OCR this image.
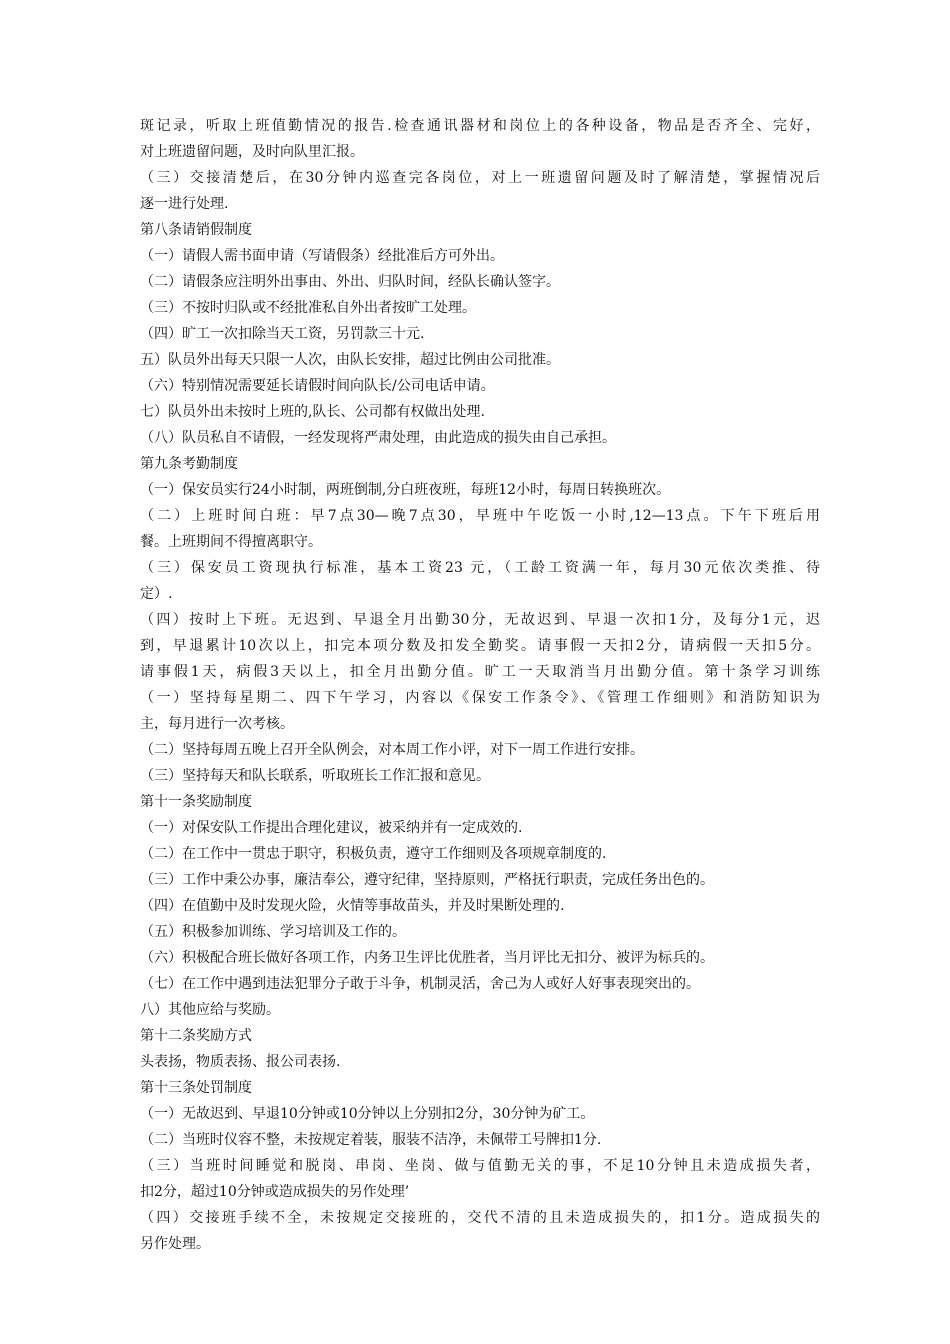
斑记录，听取上班值勤情况的报告.检查通讯器材和岗位上的各种设备，物品是否齐全、完好，
对上班遗留问题，及时向队里汇报。
（三）交接清楚后，在30分钟内巡查完各岗位，对上一班遗留问题及时了解清楚，掌握情况后
逐一进行处理.
第八条请销假制度
（一）请假人需书面申请（写请假条）经批准后方可外出。
（二）请假条应注明外出事由、外出、归队时间，经队长确认签字。
（三）不按时归队或不经批准私自外出者按旷工处理。
（四）旷工一次扣除当天工资，另罚款三十元.
五）队员外出每天只限一人次，由队长安排，超过比例由公司批准。
（六）特别情况需要延长请假时间向队长/公司电话申请。
七）队员外出未按时上班的,队长、公司都有权做出处理.
（八）队员私自不请假，一经发现将严肃处理，由此造成的损失由自己承担。
第九条考勤制度
（一）保安员实行24小时制，两班倒制,分白班夜班，每班12小时，每周日转换班次。
（二）上班时间白班：早7点30—晚7点30，早班中午吃饭一小时,12—13点。下午下班后用
餐。上班期间不得擅离职守。
（三）保安员工资现执行标准，基本工资23 元，（工龄工资满一年，每月30元依次类推、待
定）.
（四）按时上下班。无迟到、早退全月出勤30分，无故迟到、早退一次扣1分，及每分1元，迟
到，早退累计10次以上，扣完本项分数及扣发全勤奖。请事假一天扣2分，请病假一天扣5分。
请事假1天，病假3天以上，扣全月出勤分值。旷工一天取消当月出勤分值。第十条学习训练
（一）坚持每星期二、四下午学习，内容以《保安工作条令》、《管理工作细则》和消防知识为
主，每月进行一次考核。
（二）坚持每周五晚上召开全队例会，对本周工作小评，对下一周工作进行安排。
（三）坚持每天和队长联系，听取班长工作汇报和意见。
第十一条奖励制度
（一）对保安队工作提出合理化建议，被采纳并有一定成效的.
（二）在工作中一贯忠于职守，积极负责，遵守工作细则及各项规章制度的.
（三）工作中秉公办事，廉洁奉公，遵守纪律，坚持原则，严格抚行职责，完成任务出色的。
（四）在值勤中及时发现火险，火情等事故苗头，并及时果断处理的.
（五）积极参加训练、学习培训及工作的。
（六）积极配合班长做好各项工作，内务卫生评比优胜者，当月评比无扣分、被评为标兵的。
（七）在工作中遇到违法犯罪分子敢于斗争，机制灵活，舍己为人或好人好事表现突出的。
八）其他应给与奖励。
第十二条奖励方式
头表扬，物质表扬、报公司表扬.
第十三条处罚制度
（一）无故迟到、早退10分钟或10分钟以上分别扣2分，30分钟为矿工。
（二）当班时仪容不整，未按规定着装，服装不洁净，未佩带工号牌扣1分.
（三）当班时间睡觉和脱岗、串岗、坐岗、做与值勤无关的事，不足10分钟且未造成损失者，
扣2分，超过10分钟或造成损失的另作处理’
（四）交接班手续不全，未按规定交接班的，交代不清的且未造成损失的，扣1分。造成损失的
另作处理。
